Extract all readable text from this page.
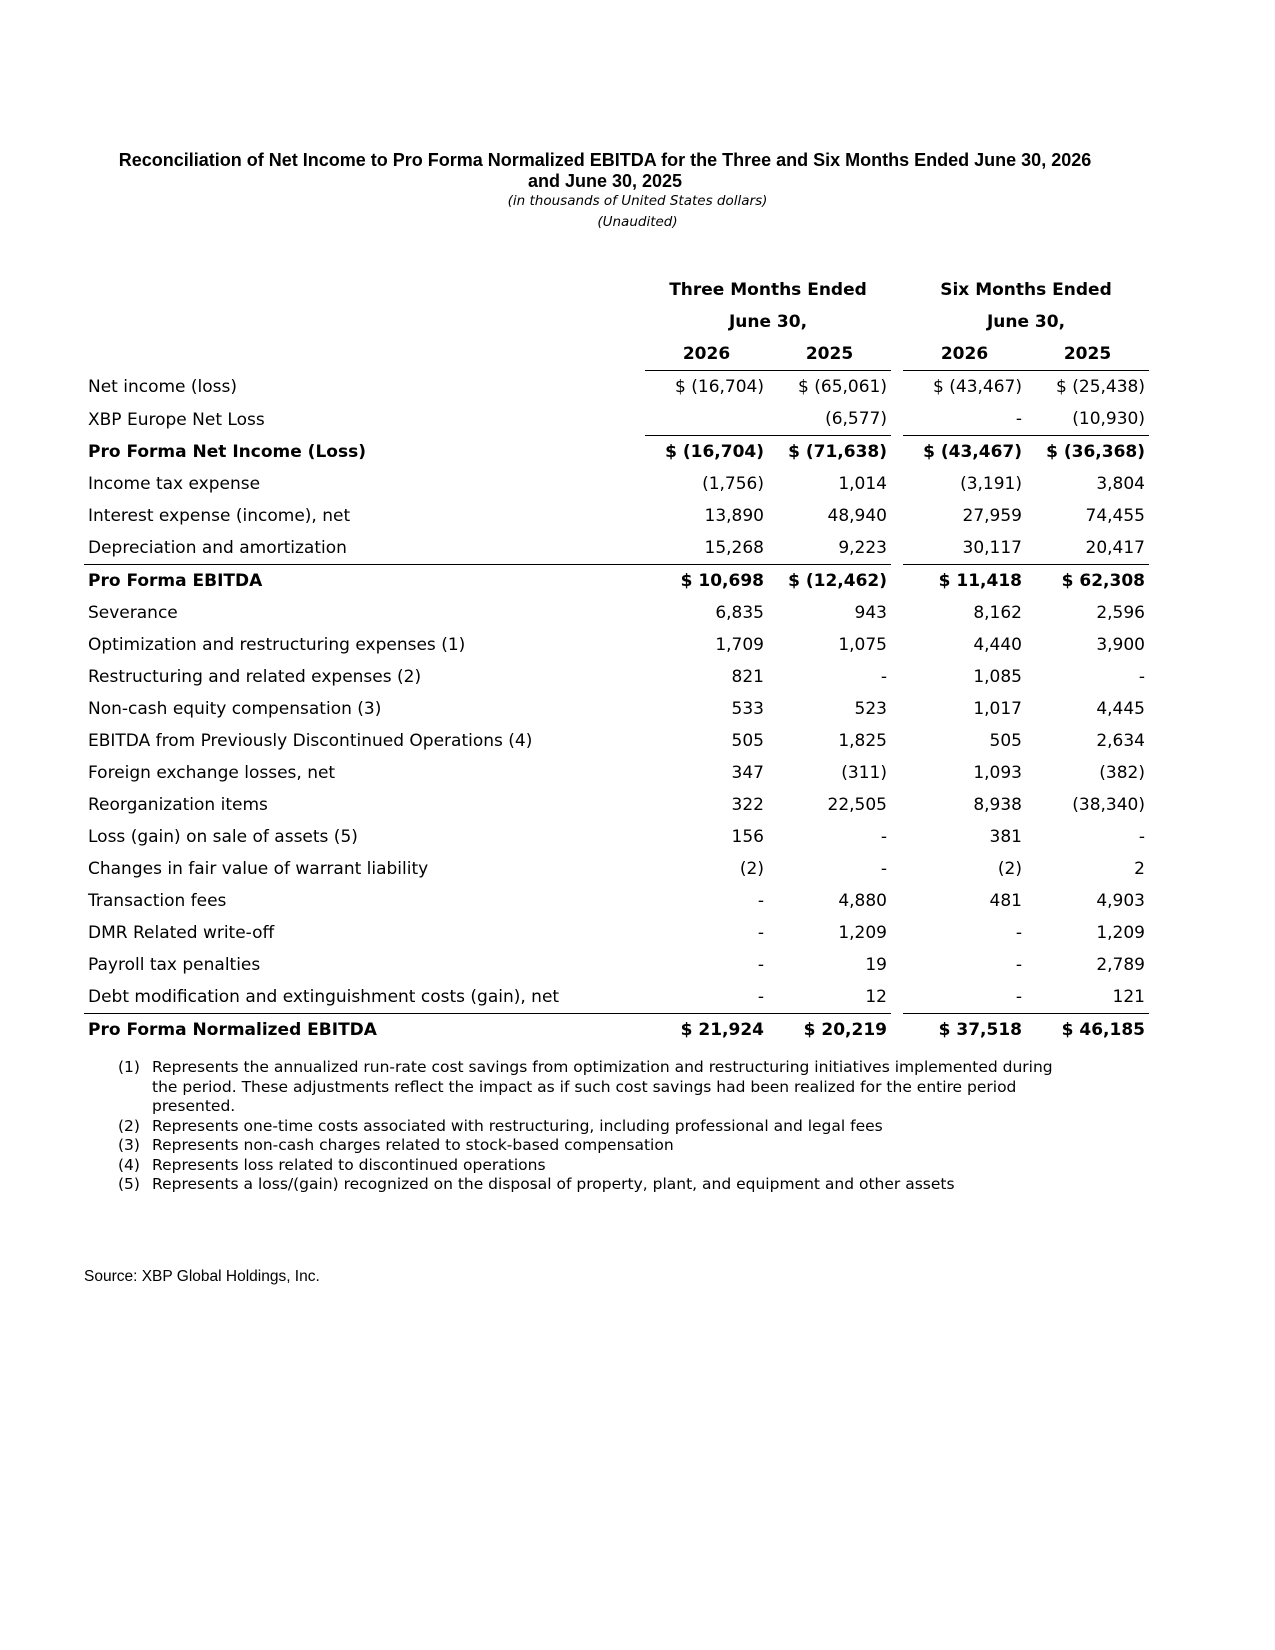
Reconciliation of Net Income to Pro Forma Normalized EBITDA for the Three and Six Months Ended June 30, 2026
and June 30, 2025
(in thousands of United States dollars)
(Unaudited)
		Three Months Ended			Six Months Ended	
		June 30,			June 30,	
		2026	2025		2026	2025
Net income (loss)		$ (16,704)	$ (65,061)		$ (43,467)	$ (25,438)
XBP Europe Net Loss			(6,577)		-	(10,930)
Pro Forma Net Income (Loss)		$ (16,704)	$ (71,638)		$ (43,467)	$ (36,368)
Income tax expense		(1,756)	1,014		(3,191)	3,804
Interest expense (income), net		13,890	48,940		27,959	74,455
Depreciation and amortization		15,268	9,223		30,117	20,417
Pro Forma EBITDA		$ 10,698	$ (12,462)		$ 11,418	$ 62,308
Severance		6,835	943		8,162	2,596
Optimization and restructuring expenses (1)		1,709	1,075		4,440	3,900
Restructuring and related expenses (2)		821	-		1,085	-
Non-cash equity compensation (3)		533	523		1,017	4,445
EBITDA from Previously Discontinued Operations (4)		505	1,825		505	2,634
Foreign exchange losses, net		347	(311)		1,093	(382)
Reorganization items		322	22,505		8,938	(38,340)
Loss (gain) on sale of assets (5)		156	-		381	-
Changes in fair value of warrant liability		(2)	-		(2)	2
Transaction fees		-	4,880		481	4,903
DMR Related write-off		-	1,209		-	1,209
Payroll tax penalties		-	19		-	2,789
Debt modification and extinguishment costs (gain), net		-	12		-	121
Pro Forma Normalized EBITDA		$ 21,924	$ 20,219		$ 37,518	$ 46,185
(1) Represents the annualized run-rate cost savings from optimization and restructuring initiatives implemented during the period. These adjustments reflect the impact as if such cost savings had been realized for the entire period presented.
(2) Represents one-time costs associated with restructuring, including professional and legal fees
(3) Represents non-cash charges related to stock-based compensation
(4) Represents loss related to discontinued operations
(5) Represents a loss/(gain) recognized on the disposal of property, plant, and equipment and other assets
Source: XBP Global Holdings, Inc.
